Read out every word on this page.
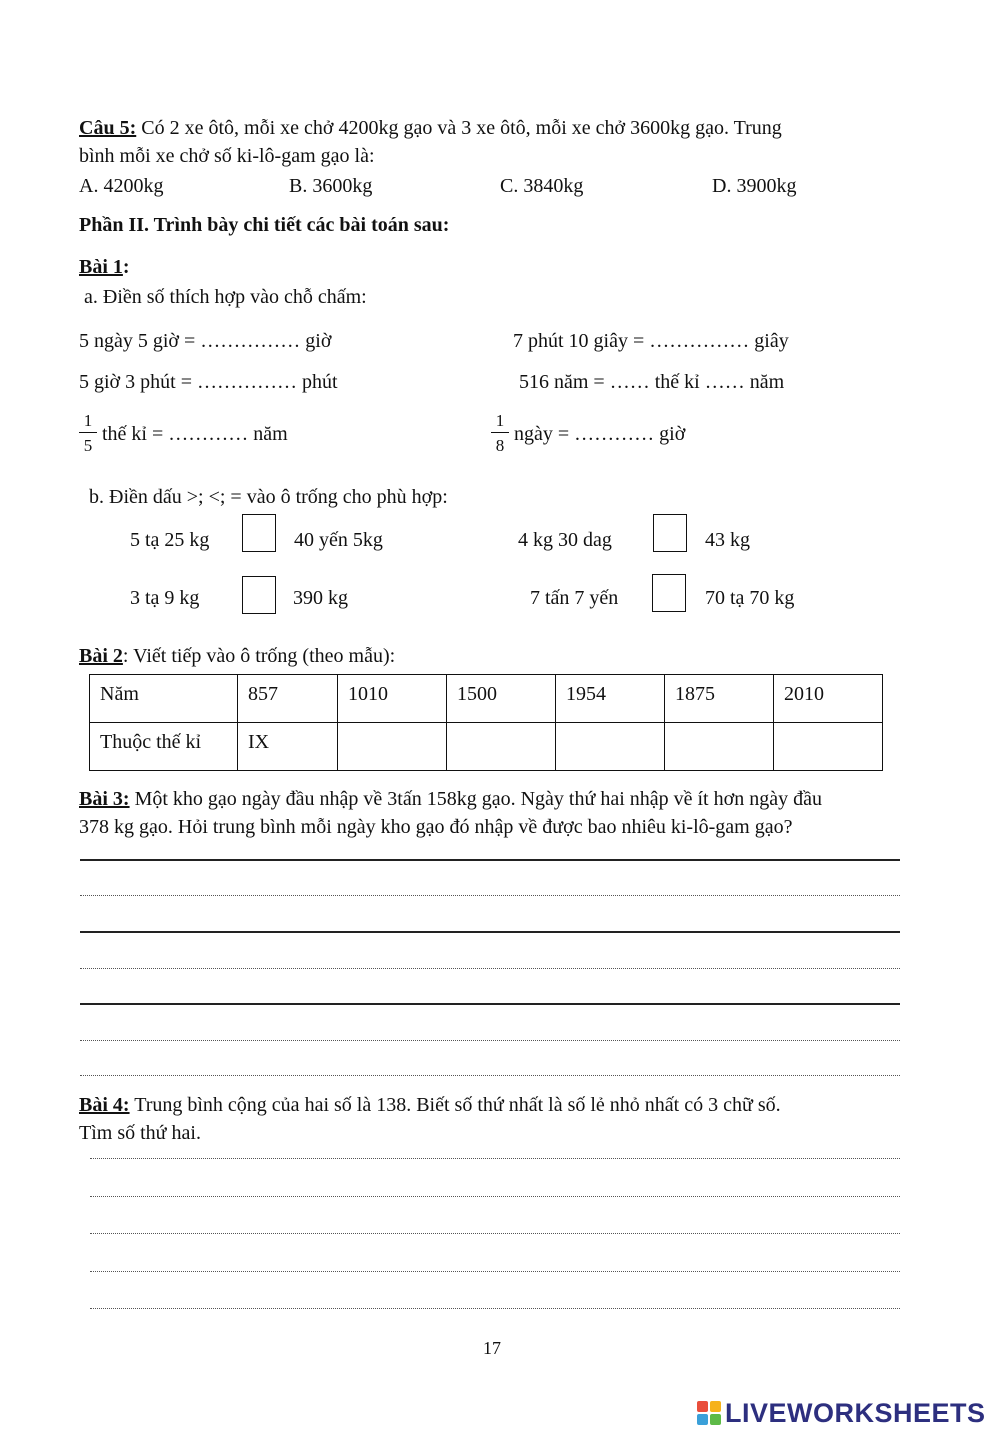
Câu 5: Có 2 xe ôtô, mỗi xe chở 4200kg gạo và 3 xe ôtô, mỗi xe chở 3600kg gạo. Trung
bình mỗi xe chở số ki-lô-gam gạo là:
A. 4200kg	B. 3600kg	C. 3840kg	D. 3900kg
Phần II. Trình bày chi tiết các bài toán sau:
Bài 1:
a. Điền số thích hợp vào chỗ chấm:
5 ngày 5 giờ = …………… giờ	7 phút 10 giây = …………… giây
5 giờ 3 phút = …………… phút	516 năm = …… thế kỉ …… năm
$\frac{1}{5}$ thế kỉ = ………… năm	$\frac{1}{8}$ ngày = ………… giờ
b. Điền dấu >; <; = vào ô trống cho phù hợp:
5 tạ 25 kg	40 yến 5kg	4 kg 30 dag	43 kg
3 tạ 9 kg	390 kg	7 tấn 7 yến	70 tạ 70 kg
Bài 2: Viết tiếp vào ô trống (theo mẫu):
Năm	857	1010	1500	1954	1875	2010
Thuộc thế kỉ	IX					
Bài 3: Một kho gạo ngày đầu nhập về 3tấn 158kg gạo. Ngày thứ hai nhập về ít hơn ngày đầu
378 kg gạo. Hỏi trung bình mỗi ngày kho gạo đó nhập về được bao nhiêu ki-lô-gam gạo?
Bài 4: Trung bình cộng của hai số là 138. Biết số thứ nhất là số lẻ nhỏ nhất có 3 chữ số.
Tìm số thứ hai.
17
LIVEWORKSHEETS
